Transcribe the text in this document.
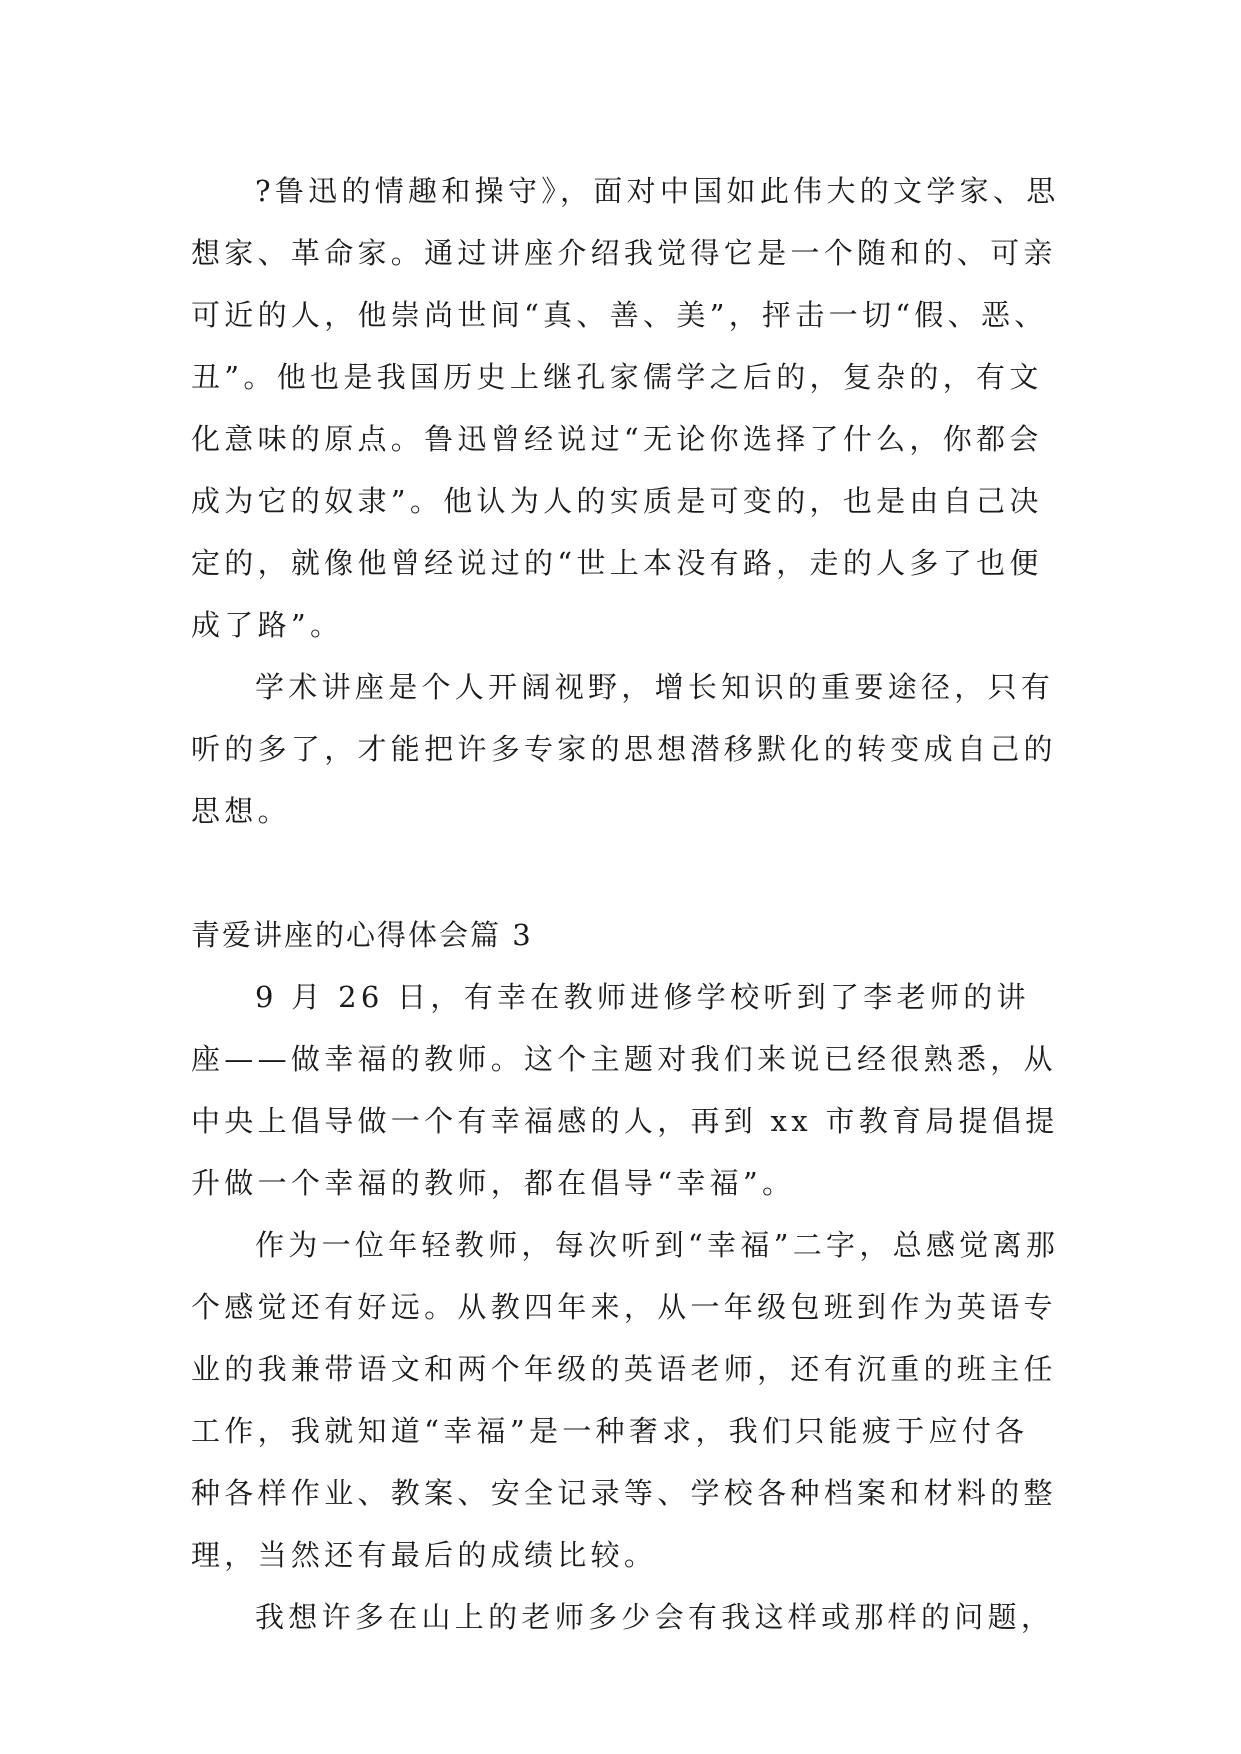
?鲁迅的情趣和操守》，面对中国如此伟大的文学家、思想家、革命家。通过讲座介绍我觉得它是一个随和的、可亲可近的人，他崇尚世间“真、善、美”，抨击一切“假、恶、丑”。他也是我国历史上继孔家儒学之后的，复杂的，有文化意味的原点。鲁迅曾经说过“无论你选择了什么，你都会成为它的奴隶”。他认为人的实质是可变的，也是由自己决定的，就像他曾经说过的“世上本没有路，走的人多了也便成了路”。

学术讲座是个人开阔视野，增长知识的重要途径，只有听的多了，才能把许多专家的思想潜移默化的转变成自己的思想。

青爱讲座的心得体会篇 3

9 月 26 日，有幸在教师进修学校听到了李老师的讲座——做幸福的教师。这个主题对我们来说已经很熟悉，从中央上倡导做一个有幸福感的人，再到 xx 市教育局提倡提升做一个幸福的教师，都在倡导“幸福”。

作为一位年轻教师，每次听到“幸福”二字，总感觉离那个感觉还有好远。从教四年来，从一年级包班到作为英语专业的我兼带语文和两个年级的英语老师，还有沉重的班主任工作，我就知道“幸福”是一种奢求，我们只能疲于应付各种各样作业、教案、安全记录等、学校各种档案和材料的整理，当然还有最后的成绩比较。

我想许多在山上的老师多少会有我这样或那样的问题，
